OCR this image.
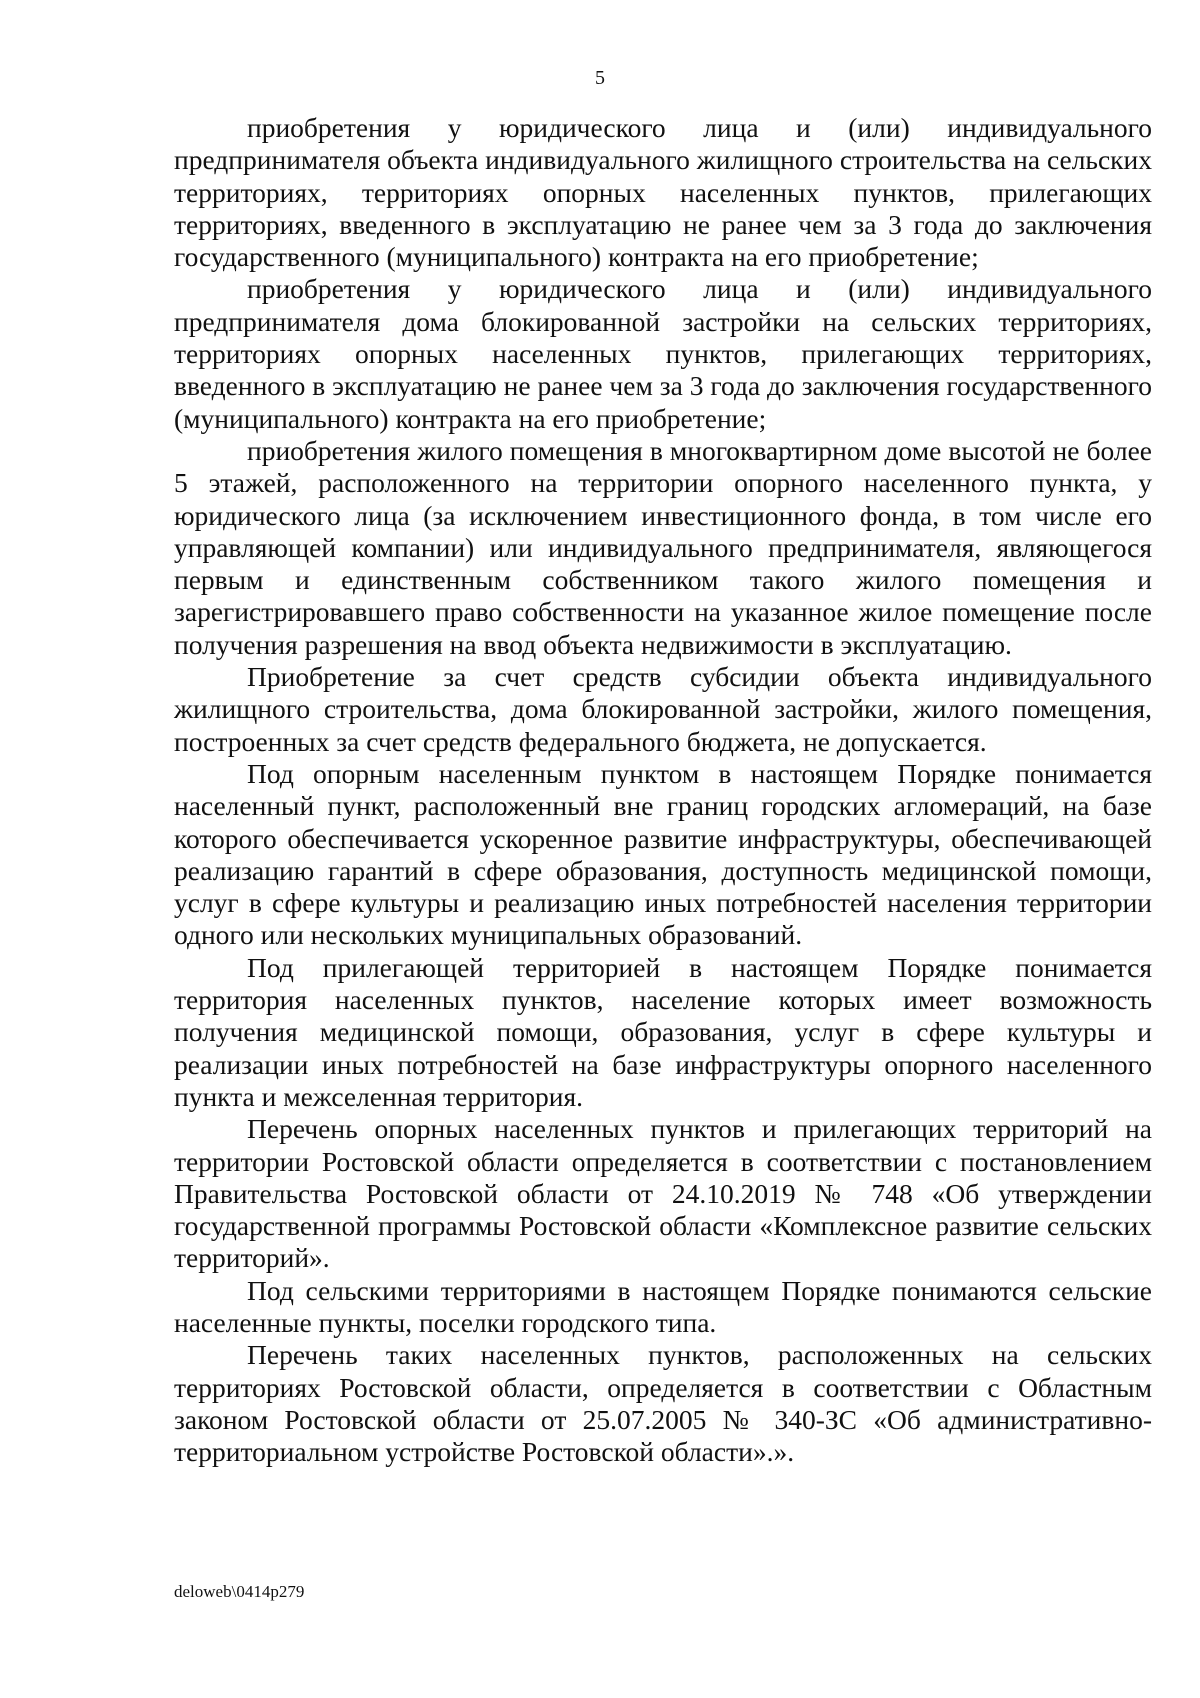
5

приобретения у юридического лица и (или) индивидуального предпринимателя объекта индивидуального жилищного строительства на сельских территориях, территориях опорных населенных пунктов, прилегающих территориях, введенного в эксплуатацию не ранее чем за 3 года до заключения государственного (муниципального) контракта на его приобретение;

приобретения у юридического лица и (или) индивидуального предпринимателя дома блокированной застройки на сельских территориях, территориях опорных населенных пунктов, прилегающих территориях, введенного в эксплуатацию не ранее чем за 3 года до заключения государственного (муниципального) контракта на его приобретение;

приобретения жилого помещения в многоквартирном доме высотой не более 5 этажей, расположенного на территории опорного населенного пункта, у юридического лица (за исключением инвестиционного фонда, в том числе его управляющей компании) или индивидуального предпринимателя, являющегося первым и единственным собственником такого жилого помещения и зарегистрировавшего право собственности на указанное жилое помещение после получения разрешения на ввод объекта недвижимости в эксплуатацию.

Приобретение за счет средств субсидии объекта индивидуального жилищного строительства, дома блокированной застройки, жилого помещения, построенных за счет средств федерального бюджета, не допускается.

Под опорным населенным пунктом в настоящем Порядке понимается населенный пункт, расположенный вне границ городских агломераций, на базе которого обеспечивается ускоренное развитие инфраструктуры, обеспечивающей реализацию гарантий в сфере образования, доступность медицинской помощи, услуг в сфере культуры и реализацию иных потребностей населения территории одного или нескольких муниципальных образований.

Под прилегающей территорией в настоящем Порядке понимается территория населенных пунктов, население которых имеет возможность получения медицинской помощи, образования, услуг в сфере культуры и реализации иных потребностей на базе инфраструктуры опорного населенного пункта и межселенная территория.

Перечень опорных населенных пунктов и прилегающих территорий на территории Ростовской области определяется в соответствии с постановлением Правительства Ростовской области от 24.10.2019 № 748 «Об утверждении государственной программы Ростовской области «Комплексное развитие сельских территорий».

Под сельскими территориями в настоящем Порядке понимаются сельские населенные пункты, поселки городского типа.

Перечень таких населенных пунктов, расположенных на сельских территориях Ростовской области, определяется в соответствии с Областным законом Ростовской области от 25.07.2005 № 340-ЗС «Об административно-территориальном устройстве Ростовской области».».

deloweb\0414p279
